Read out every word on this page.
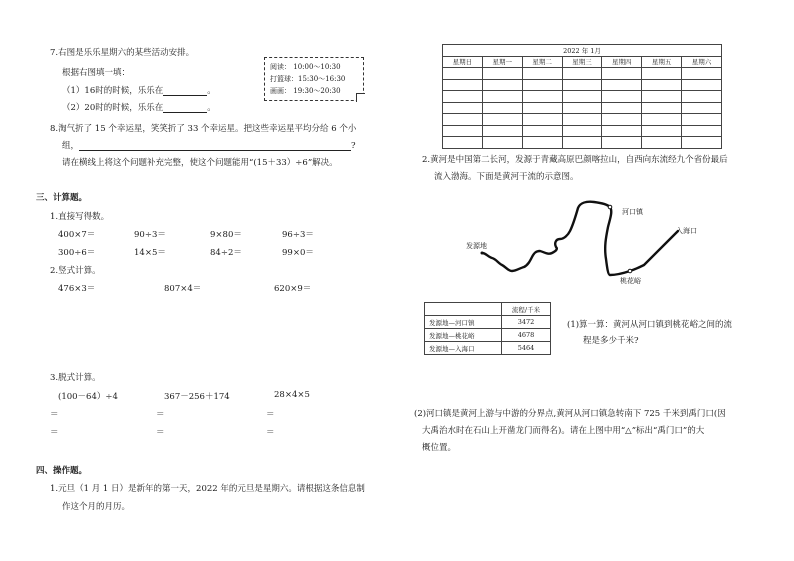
7.右图是乐乐星期六的某些活动安排。
根据右图填一填：
（1）16时的时候，乐乐在	。
（2）20时的时候，乐乐在	。
阅读： 10:00～10:30
打篮球：15:30～16:30
画画： 19:30～20:30
8.淘气折了 15 个幸运星，笑笑折了 33 个幸运星。把这些幸运星平均分给 6 个小
组，	?
请在横线上将这个问题补充完整，使这个问题能用“(15＋33）÷6”解决。
三、计算题。
1.直接写得数。
400×7＝	90÷3＝	9×80＝	96÷3＝
300÷6＝	14×5＝	84÷2＝	99×0＝
2.竖式计算。
476×3＝	807×4＝	620×9＝
3.脱式计算。
(100－64）÷4	367－256＋174	28×4×5
＝	＝	＝
＝	＝	＝
四、操作题。
1.元旦（1 月 1 日）是新年的第一天，2022 年的元旦是星期六。请根据这条信息制
作这个月的月历。
2022 年 1月						
星期日	星期一	星期二	星期三	星期四	星期五	星期六

2.黄河是中国第二长河，发源于青藏高原巴颜喀拉山，自西向东流经九个省份最后
流入渤海。下面是黄河干流的示意图。
发源地
河口镇
桃花峪
入海口
	流程/千米
发源地—河口镇	3472
发源地—桃花峪	4678
发源地—入海口	5464
(1)算一算：黄河从河口镇到桃花峪之间的流
程是多少千米?
(2)河口镇是黄河上游与中游的分界点,黄河从河口镇急转南下 725 千米到禹门口(因
大禹治水时在石山上开凿龙门而得名)。请在上图中用“△”标出“禹门口”的大
概位置。
